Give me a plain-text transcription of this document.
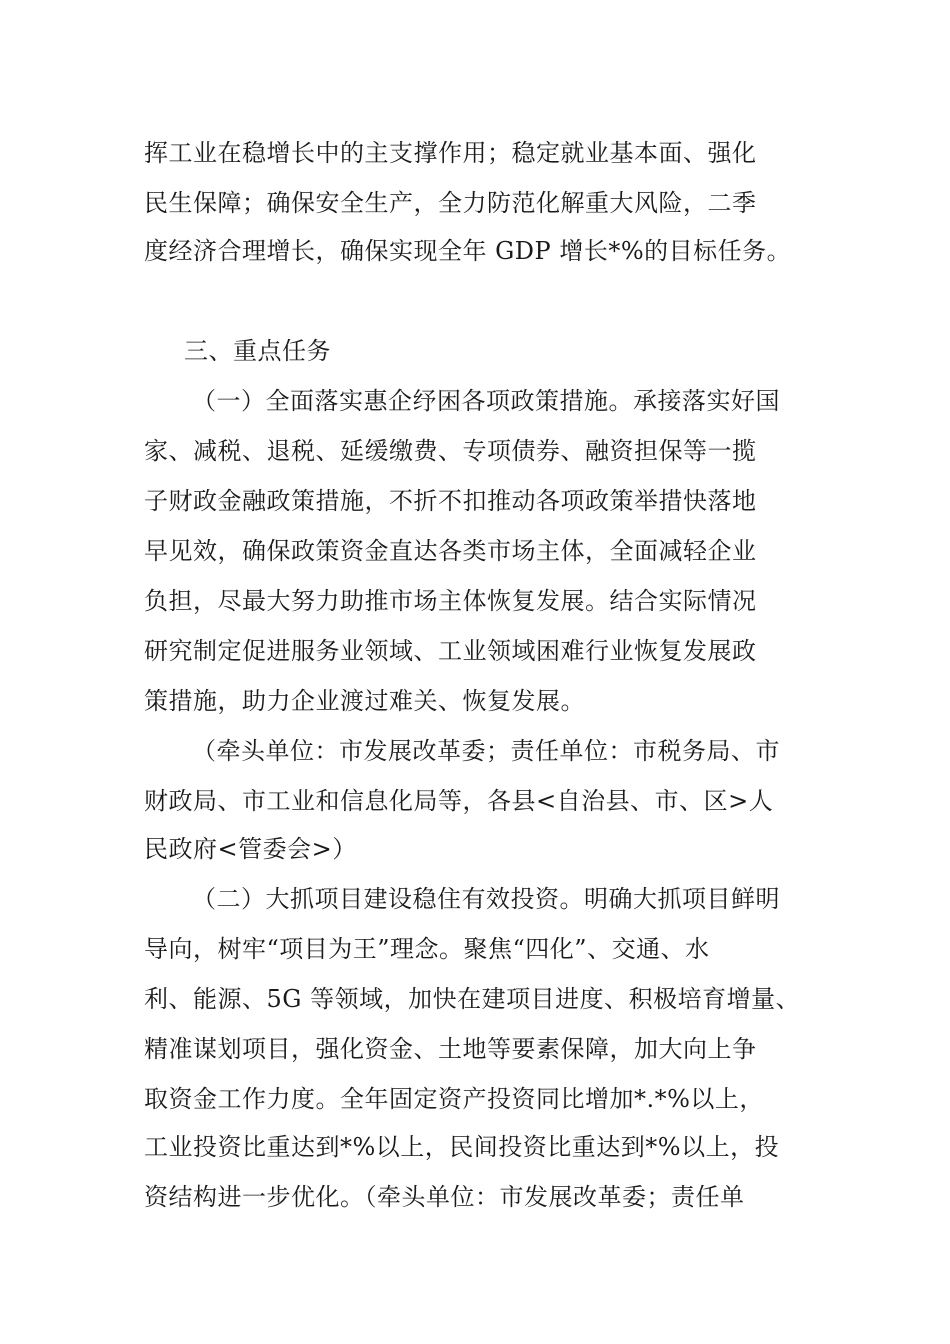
挥工业在稳增长中的主支撑作用；稳定就业基本面、强化
民生保障；确保安全生产，全力防范化解重大风险，二季
度经济合理增长，确保实现全年 GDP 增长*%的目标任务。
三、重点任务
（一）全面落实惠企纾困各项政策措施。承接落实好国
家、减税、退税、延缓缴费、专项债券、融资担保等一揽
子财政金融政策措施，不折不扣推动各项政策举措快落地
早见效，确保政策资金直达各类市场主体，全面减轻企业
负担，尽最大努力助推市场主体恢复发展。结合实际情况
研究制定促进服务业领域、工业领域困难行业恢复发展政
策措施，助力企业渡过难关、恢复发展。
（牵头单位：市发展改革委；责任单位：市税务局、市
财政局、市工业和信息化局等，各县<自治县、市、区>人
民政府<管委会>）
（二）大抓项目建设稳住有效投资。明确大抓项目鲜明
导向，树牢“项目为王”理念。聚焦“四化”、交通、水
利、能源、5G 等领域，加快在建项目进度、积极培育增量、
精准谋划项目，强化资金、土地等要素保障，加大向上争
取资金工作力度。全年固定资产投资同比增加*.*%以上，
工业投资比重达到*%以上，民间投资比重达到*%以上，投
资结构进一步优化。（牵头单位：市发展改革委；责任单
